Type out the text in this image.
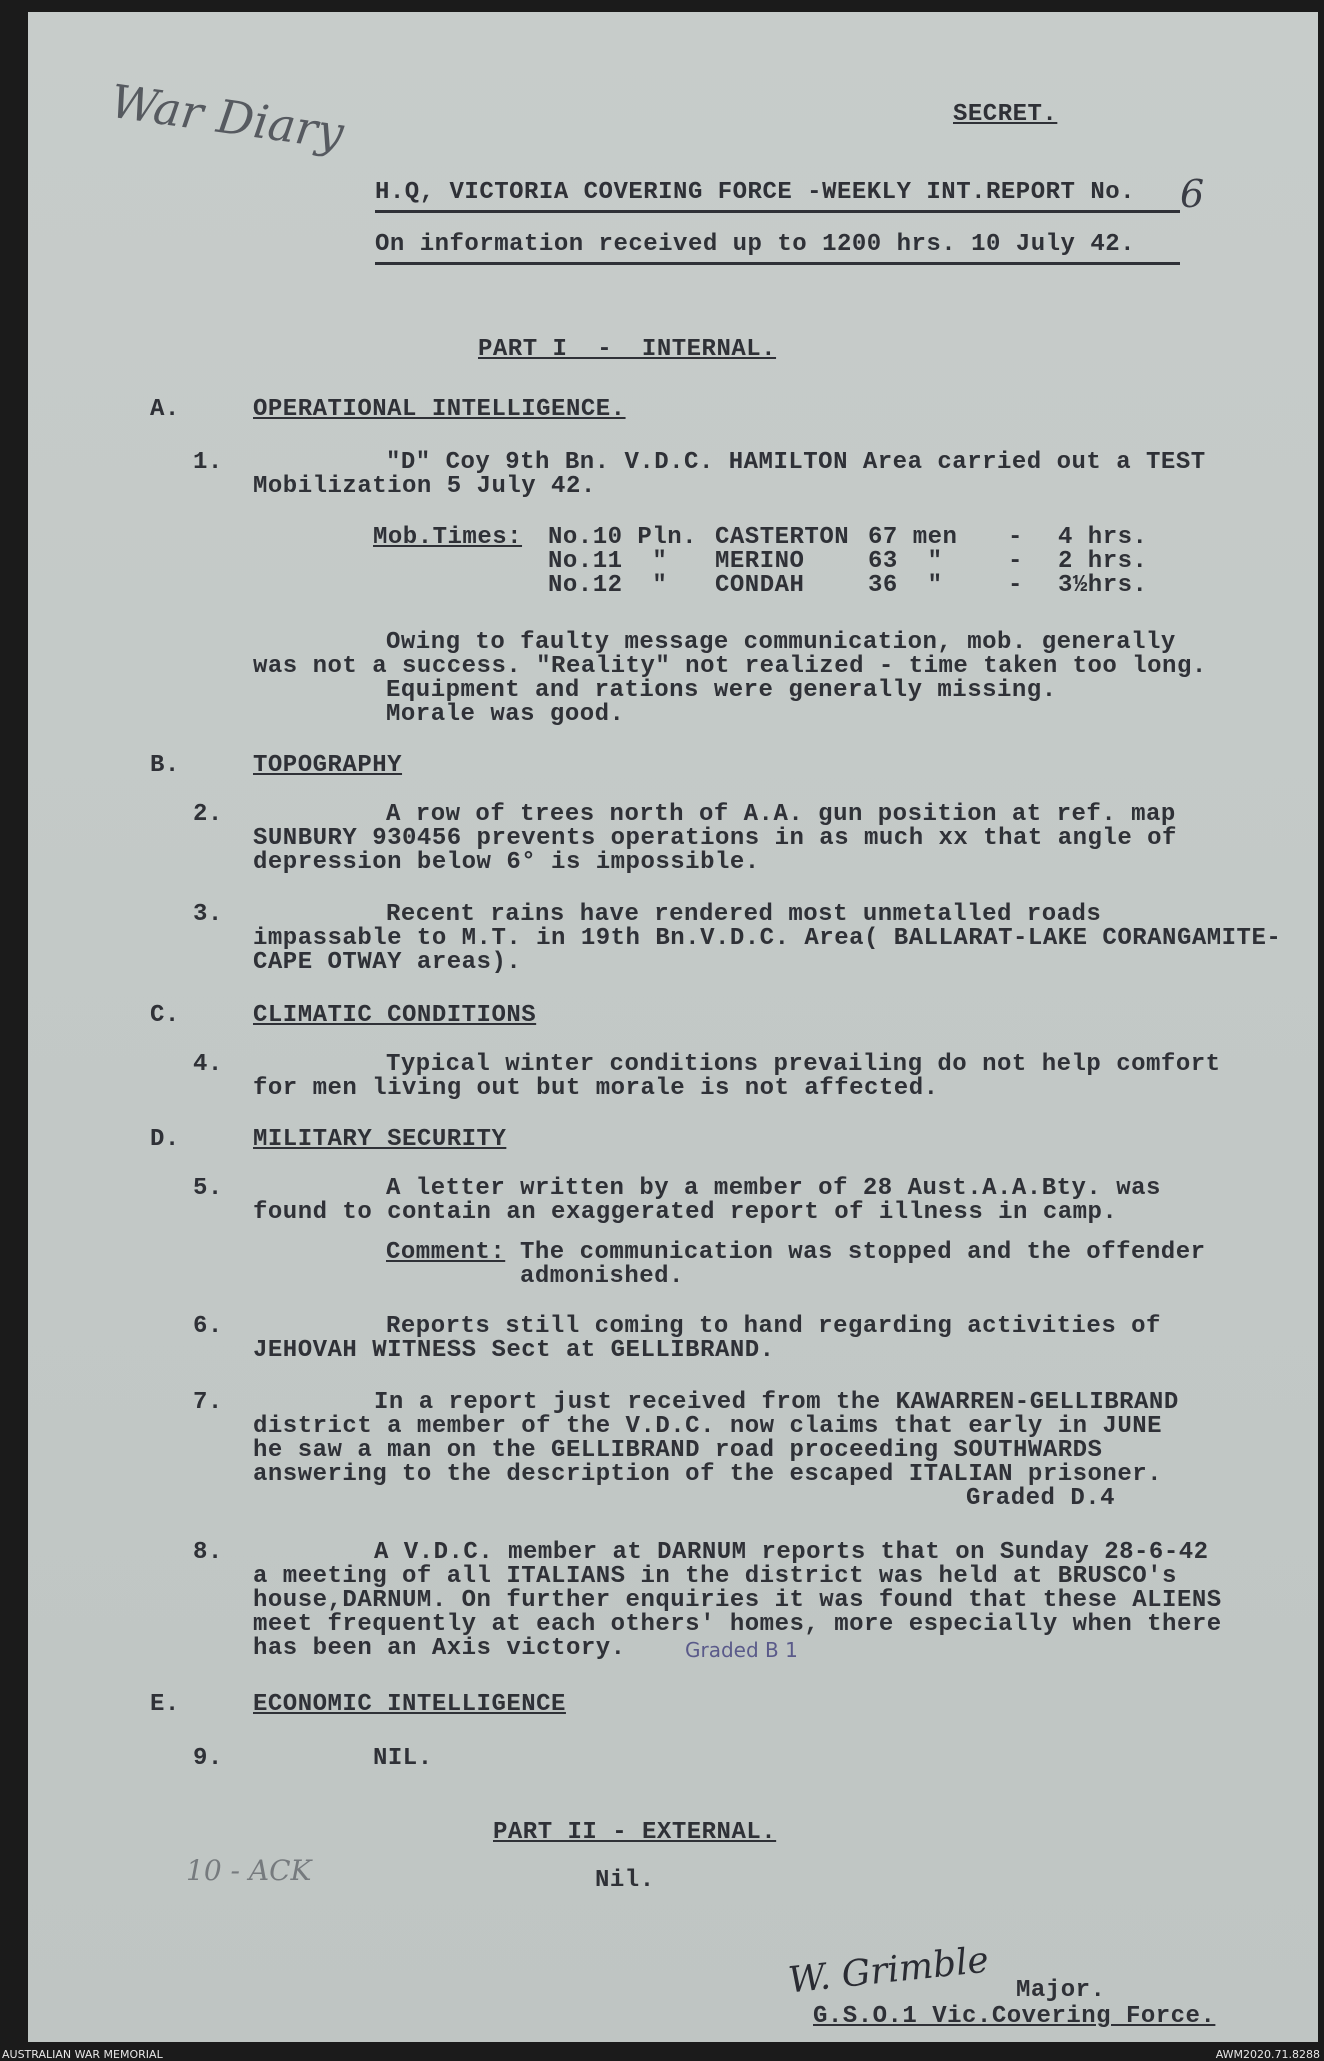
War Diary	SECRET.
H.Q, VICTORIA COVERING FORCE -WEEKLY INT.REPORT No. 6
On information received up to 1200 hrs. 10 July 42.
PART I  -  INTERNAL.
A.	OPERATIONAL INTELLIGENCE.
1.	"D" Coy 9th Bn. V.D.C. HAMILTON Area carried out a TEST
Mobilization 5 July 42.
Mob.Times: No.10 Pln. CASTERTON 67 men - 4 hrs.
No.11  " MERINO	63  "	- 2 hrs.
No.12  " CONDAH	36  "	- 3½hrs.
Owing to faulty message communication, mob. generally
was not a success. "Reality" not realized - time taken too long.
Equipment and rations were generally missing.
Morale was good.
B.	TOPOGRAPHY
2.	A row of trees north of A.A. gun position at ref. map
SUNBURY 930456 prevents operations in as much xx that angle of
depression below 6° is impossible.
3.	Recent rains have rendered most unmetalled roads
impassable to M.T. in 19th Bn.V.D.C. Area( BALLARAT-LAKE CORANGAMITE-
CAPE OTWAY areas).
C.	CLIMATIC CONDITIONS
4.	Typical winter conditions prevailing do not help comfort
for men living out but morale is not affected.
D.	MILITARY SECURITY
5.	A letter written by a member of 28 Aust.A.A.Bty. was
found to contain an exaggerated report of illness in camp.
Comment: The communication was stopped and the offender
admonished.
6.	Reports still coming to hand regarding activities of
JEHOVAH WITNESS Sect at GELLIBRAND.
7.	In a report just received from the KAWARREN-GELLIBRAND
district a member of the V.D.C. now claims that early in JUNE
he saw a man on the GELLIBRAND road proceeding SOUTHWARDS
answering to the description of the escaped ITALIAN prisoner.
Graded D.4
8.	A V.D.C. member at DARNUM reports that on Sunday 28-6-42
a meeting of all ITALIANS in the district was held at BRUSCO's
house,DARNUM. On further enquiries it was found that these ALIENS
meet frequently at each others' homes, more especially when there
has been an Axis victory.	Graded B 1
E.	ECONOMIC INTELLIGENCE
9.	NIL.
PART II - EXTERNAL.
Nil.
10 - ACK
W. Grimble Major.
G.S.O.1 Vic.Covering Force.
AUSTRALIAN WAR MEMORIAL	AWM2020.71.8288
